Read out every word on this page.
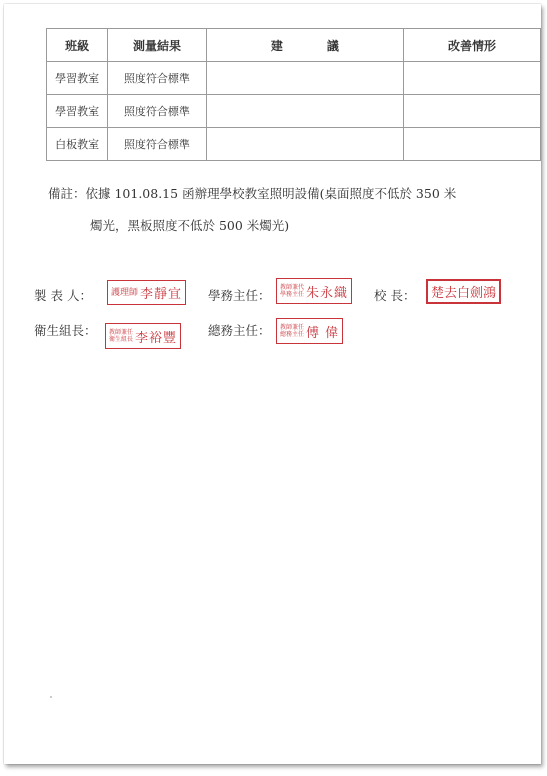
班級	測量結果	建議	改善情形
學習教室	照度符合標準		
學習教室	照度符合標準		
白板教室	照度符合標準		
備註：依據 101.08.15 函辦理學校教室照明設備(桌面照度不低於 350 米
燭光，黑板照度不低於 500 米燭光)
製 表 人： 護理師 李靜宜 學務主任：
教師兼代
學務主任 朱永織 校 長： 楚去白劍鴻
衛生組長： 教師兼任
衛生組長 李裕豐 總務主任： 教師兼任
總務主任 傅 偉
